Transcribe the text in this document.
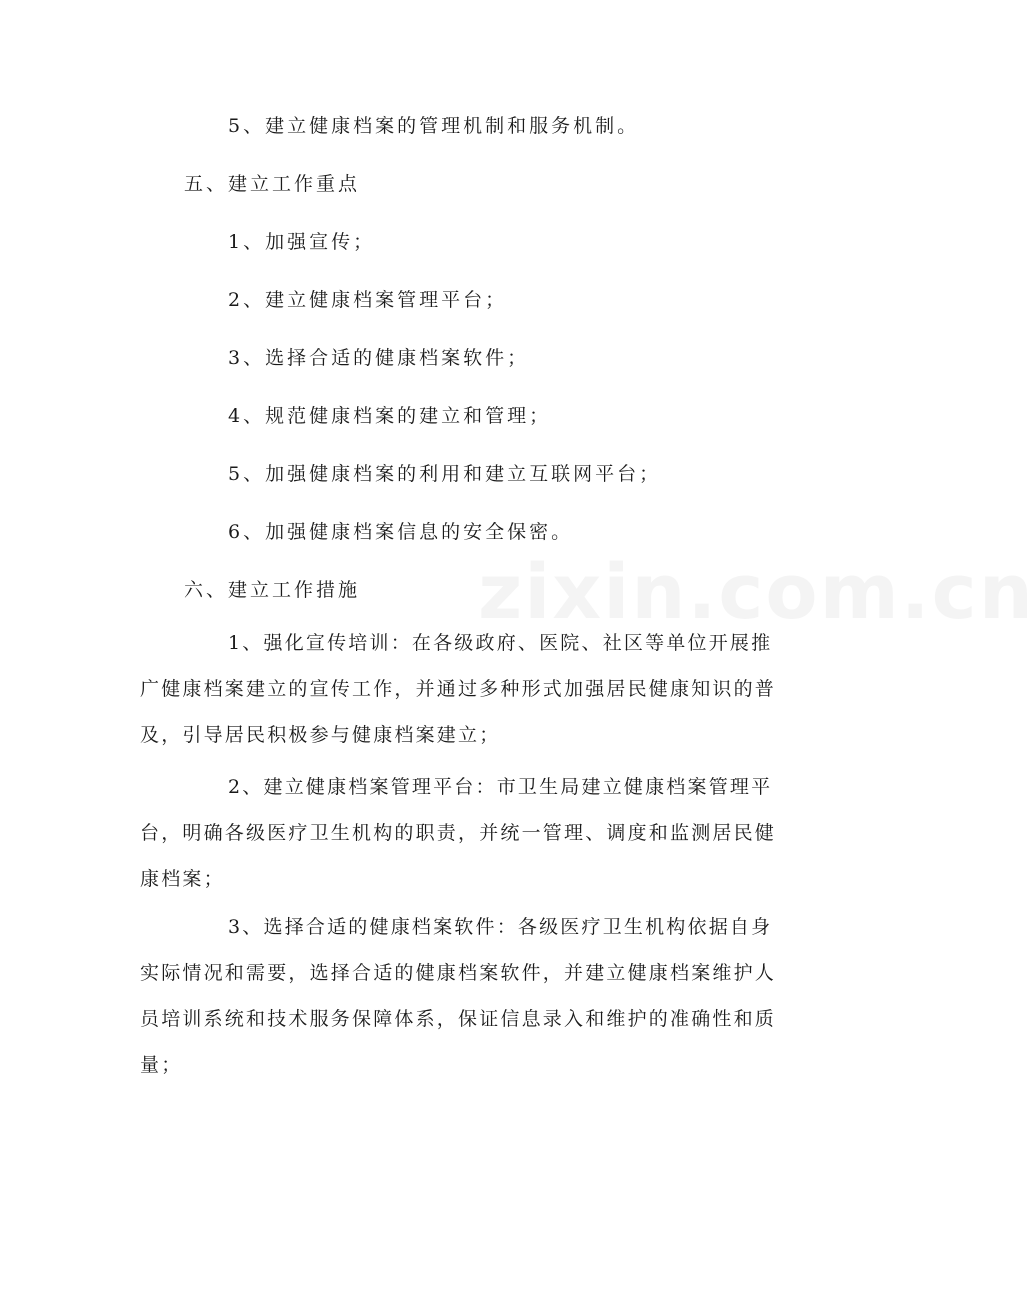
zixin.com.cn
5、建立健康档案的管理机制和服务机制。
五、建立工作重点
1、加强宣传；
2、建立健康档案管理平台；
3、选择合适的健康档案软件；
4、规范健康档案的建立和管理；
5、加强健康档案的利用和建立互联网平台；
6、加强健康档案信息的安全保密。
六、建立工作措施

1、强化宣传培训：在各级政府、医院、社区等单位开展推广健康档案建立的宣传工作，并通过多种形式加强居民健康知识的普及，引导居民积极参与健康档案建立；

2、建立健康档案管理平台：市卫生局建立健康档案管理平台，明确各级医疗卫生机构的职责，并统一管理、调度和监测居民健康档案；

3、选择合适的健康档案软件：各级医疗卫生机构依据自身实际情况和需要，选择合适的健康档案软件，并建立健康档案维护人员培训系统和技术服务保障体系，保证信息录入和维护的准确性和质量；
